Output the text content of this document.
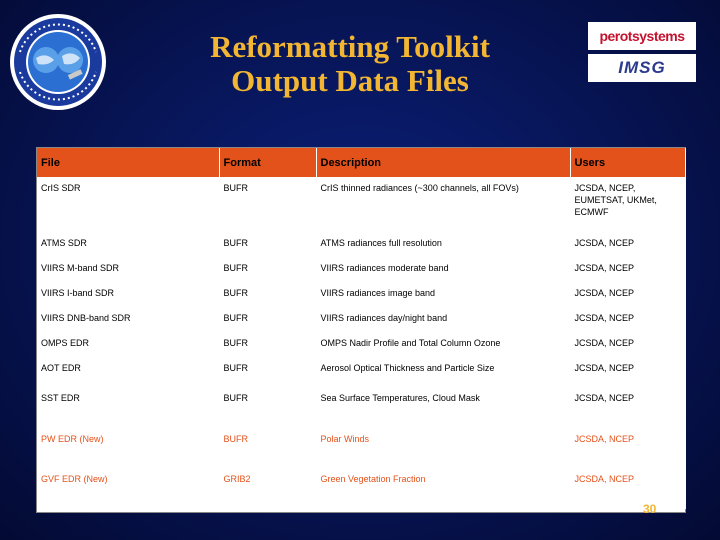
Reformatting Toolkit
Output Data Files
perotsystems
IMSG
File	Format	Description	Users
CrIS SDR	BUFR	CrIS thinned radiances (~300 channels, all FOVs)	JCSDA, NCEP, EUMETSAT, UKMet, ECMWF
ATMS SDR	BUFR	ATMS radiances full resolution	JCSDA, NCEP
VIIRS M-band SDR	BUFR	VIIRS radiances moderate band	JCSDA, NCEP
VIIRS I-band SDR	BUFR	VIIRS radiances image band	JCSDA, NCEP
VIIRS DNB-band SDR	BUFR	VIIRS radiances day/night band	JCSDA, NCEP
OMPS EDR	BUFR	OMPS Nadir Profile and Total Column Ozone	JCSDA, NCEP
AOT EDR	BUFR	Aerosol Optical Thickness and Particle Size	JCSDA, NCEP
SST EDR	BUFR	Sea Surface Temperatures, Cloud Mask	JCSDA, NCEP
PW EDR (New)	BUFR	Polar Winds	JCSDA, NCEP
GVF EDR (New)	GRIB2	Green Vegetation Fraction	JCSDA, NCEP
30
